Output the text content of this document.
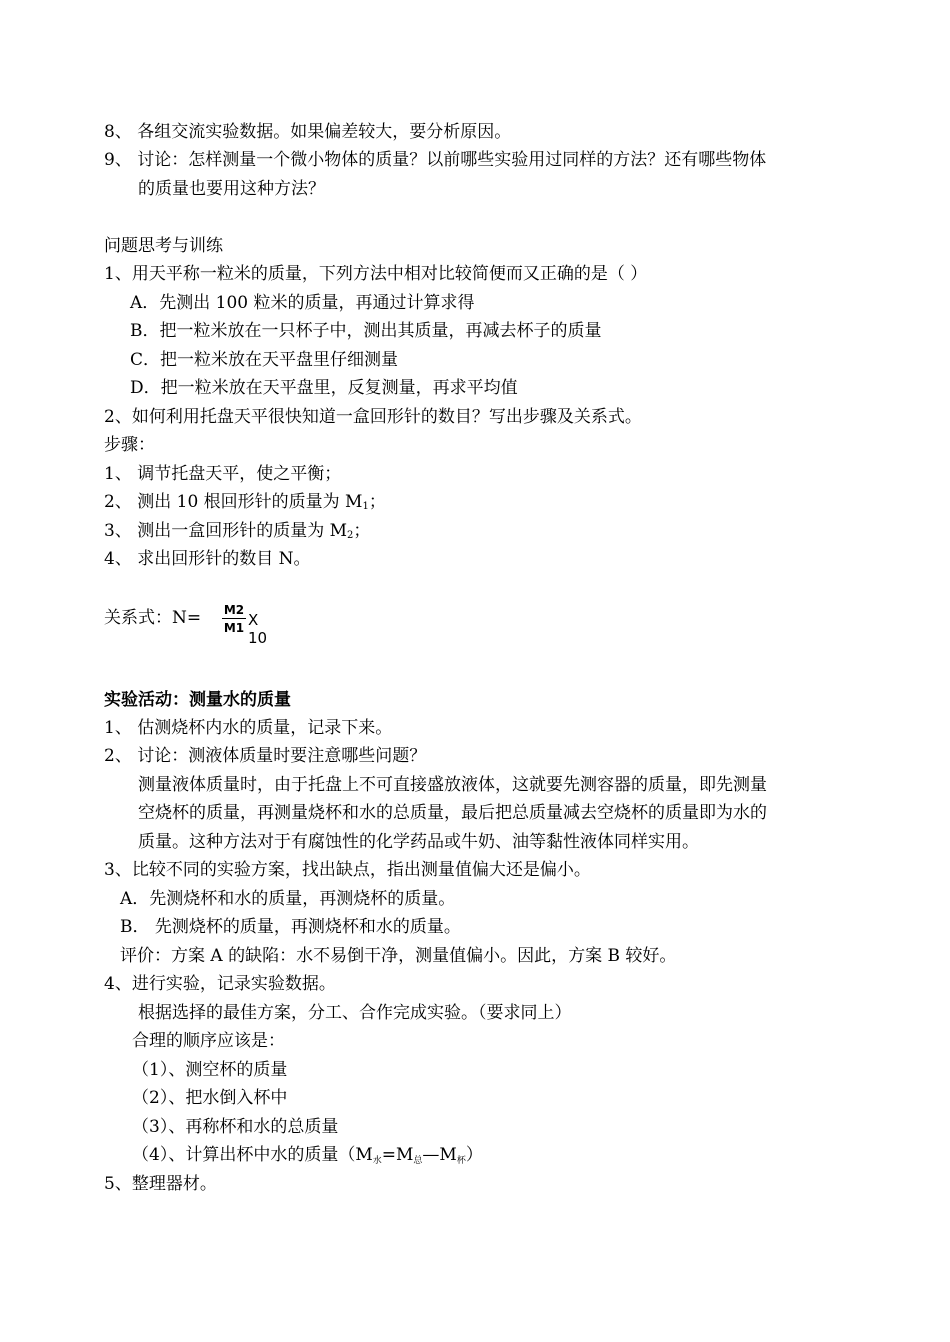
8、 各组交流实验数据。如果偏差较大，要分析原因。
9、 讨论：怎样测量一个微小物体的质量？以前哪些实验用过同样的方法？还有哪些物体
的质量也要用这种方法？
问题思考与训练
1、用天平称一粒米的质量，下列方法中相对比较简便而又正确的是（ ）
A．先测出 100 粒米的质量，再通过计算求得
B．把一粒米放在一只杯子中，测出其质量，再减去杯子的质量
C．把一粒米放在天平盘里仔细测量
D．把一粒米放在天平盘里，反复测量，再求平均值
2、如何利用托盘天平很快知道一盒回形针的数目？写出步骤及关系式。
步骤：
1、 调节托盘天平，使之平衡；
2、 测出 10 根回形针的质量为 $M_1$；
3、 测出一盒回形针的质量为 $M_2$；
4、 求出回形针的数目 N。
关系式：N= M2
M1 X 10
实验活动：测量水的质量
1、 估测烧杯内水的质量，记录下来。
2、 讨论：测液体质量时要注意哪些问题？
测量液体质量时，由于托盘上不可直接盛放液体，这就要先测容器的质量，即先测量
空烧杯的质量，再测量烧杯和水的总质量，最后把总质量减去空烧杯的质量即为水的
质量。这种方法对于有腐蚀性的化学药品或牛奶、油等黏性液体同样实用。
3、比较不同的实验方案，找出缺点，指出测量值偏大还是偏小。
A．先测烧杯和水的质量，再测烧杯的质量。
B． 先测烧杯的质量，再测烧杯和水的质量。
评价：方案 A 的缺陷：水不易倒干净，测量值偏小。因此，方案 B 较好。
4、进行实验，记录实验数据。
根据选择的最佳方案，分工、合作完成实验。（要求同上）
合理的顺序应该是：
（1）、测空杯的质量
（2）、把水倒入杯中
（3）、再称杯和水的总质量
（4）、计算出杯中水的质量$(M_水=M_总—M_杯)$
5、整理器材。
